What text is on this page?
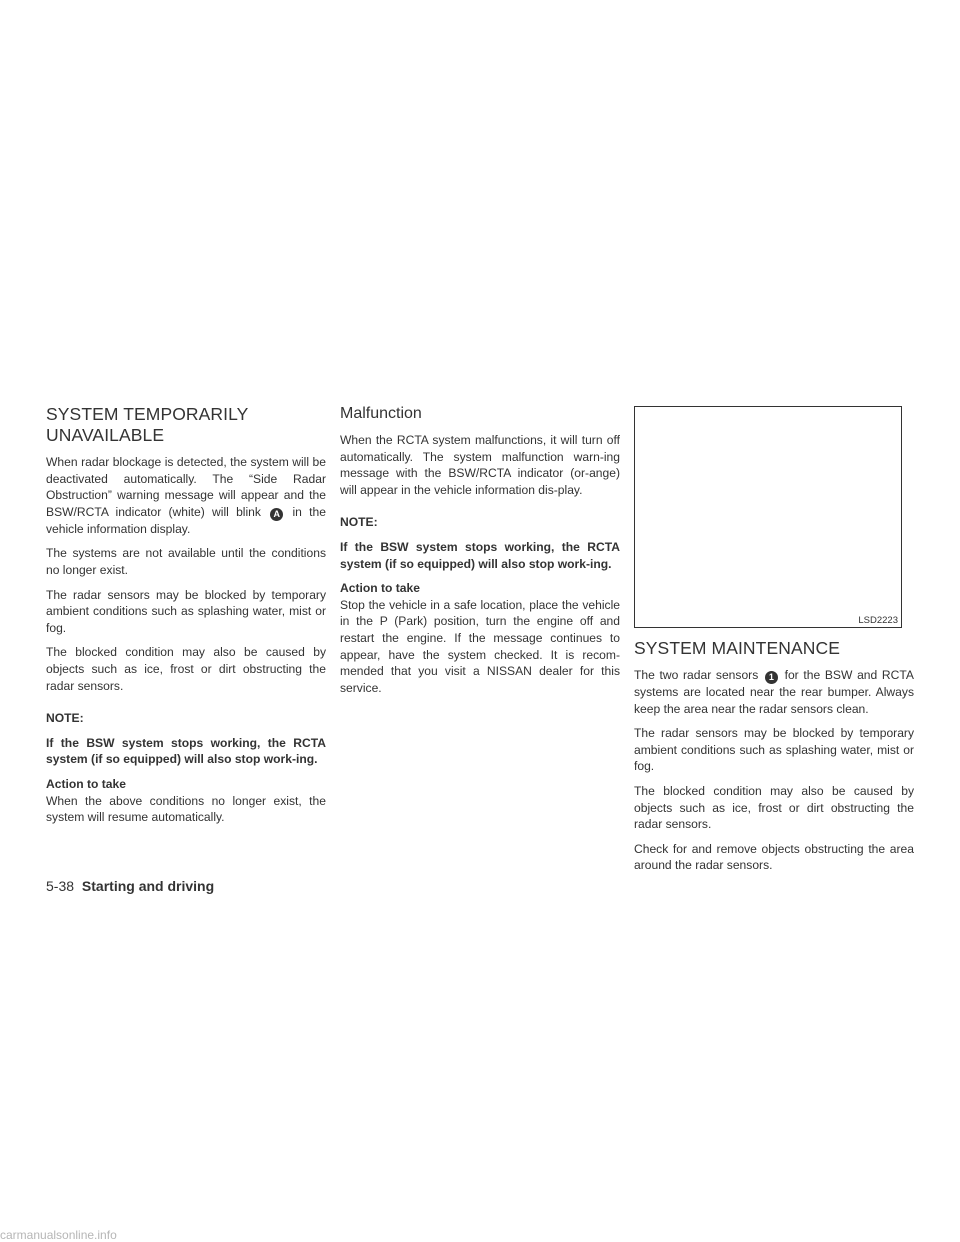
SYSTEM TEMPORARILY
UNAVAILABLE

When radar blockage is detected, the system will be deactivated automatically. The “Side Radar Obstruction” warning message will appear and the BSW/RCTA indicator (white) will blink A in the vehicle information display.

The systems are not available until the conditions no longer exist.

The radar sensors may be blocked by temporary ambient conditions such as splashing water, mist or fog.

The blocked condition may also be caused by objects such as ice, frost or dirt obstructing the radar sensors.

NOTE:

If the BSW system stops working, the RCTA system (if so equipped) will also stop work-ing.

Action to take
When the above conditions no longer exist, the system will resume automatically.

Malfunction

When the RCTA system malfunctions, it will turn off automatically. The system malfunction warn-ing message with the BSW/RCTA indicator (or-ange) will appear in the vehicle information dis-play.

NOTE:

If the BSW system stops working, the RCTA system (if so equipped) will also stop work-ing.

Action to take
Stop the vehicle in a safe location, place the vehicle in the P (Park) position, turn the engine off and restart the engine. If the message continues to appear, have the system checked. It is recom-mended that you visit a NISSAN dealer for this service.

LSD2223
SYSTEM MAINTENANCE

The two radar sensors 1 for the BSW and RCTA systems are located near the rear bumper. Always keep the area near the radar sensors clean.

The radar sensors may be blocked by temporary ambient conditions such as splashing water, mist or fog.

The blocked condition may also be caused by objects such as ice, frost or dirt obstructing the radar sensors.

Check for and remove objects obstructing the area around the radar sensors.

5-38 Starting and driving
carmanualsonline.info
